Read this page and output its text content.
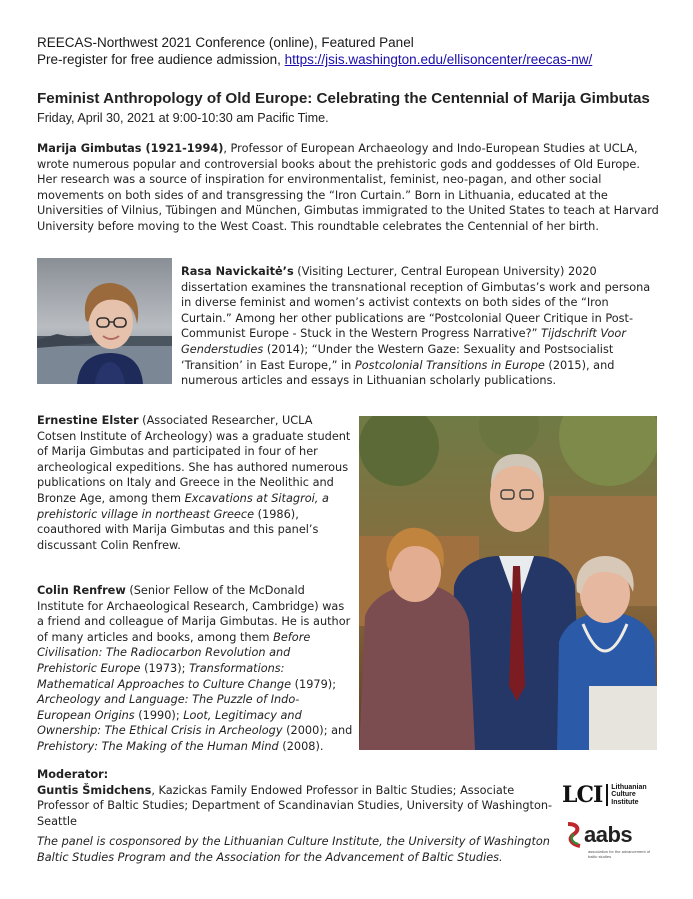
REECAS-Northwest 2021 Conference (online), Featured Panel
Pre-register for free audience admission, https://jsis.washington.edu/ellisoncenter/reecas-nw/
Feminist Anthropology of Old Europe: Celebrating the Centennial of Marija Gimbutas
Friday, April 30, 2021 at 9:00-10:30 am Pacific Time.
Marija Gimbutas (1921-1994), Professor of European Archaeology and Indo-European Studies at UCLA, wrote numerous popular and controversial books about the prehistoric gods and goddesses of Old Europe. Her research was a source of inspiration for environmentalist, feminist, neo-pagan, and other social movements on both sides of and transgressing the “Iron Curtain.” Born in Lithuania, educated at the Universities of Vilnius, Tübingen and München, Gimbutas immigrated to the United States to teach at Harvard University before moving to the West Coast. This roundtable celebrates the Centennial of her birth.
Rasa Navickaitė’s (Visiting Lecturer, Central European University) 2020 dissertation examines the transnational reception of Gimbutas’s work and persona in diverse feminist and women’s activist contexts on both sides of the “Iron Curtain.” Among her other publications are “Postcolonial Queer Critique in Post-Communist Europe - Stuck in the Western Progress Narrative?” Tijdschrift Voor Genderstudies (2014); “Under the Western Gaze: Sexuality and Postsocialist ‘Transition’ in East Europe,” in Postcolonial Transitions in Europe (2015), and numerous articles and essays in Lithuanian scholarly publications.
Ernestine Elster (Associated Researcher, UCLA Cotsen Institute of Archeology) was a graduate student of Marija Gimbutas and participated in four of her archeological expeditions. She has authored numerous publications on Italy and Greece in the Neolithic and Bronze Age, among them Excavations at Sitagroi, a prehistoric village in northeast Greece (1986), coauthored with Marija Gimbutas and this panel’s discussant Colin Renfrew.
Colin Renfrew (Senior Fellow of the McDonald Institute for Archaeological Research, Cambridge) was a friend and colleague of Marija Gimbutas. He is author of many articles and books, among them Before Civilisation: The Radiocarbon Revolution and Prehistoric Europe (1973); Transformations: Mathematical Approaches to Culture Change (1979); Archeology and Language: The Puzzle of Indo-European Origins (1990); Loot, Legitimacy and Ownership: The Ethical Crisis in Archeology (2000); and Prehistory: The Making of the Human Mind (2008).
Moderator:
Guntis Šmidchens, Kazickas Family Endowed Professor in Baltic Studies; Associate Professor of Baltic Studies; Department of Scandinavian Studies, University of Washington-Seattle
The panel is cosponsored by the Lithuanian Culture Institute, the University of Washington Baltic Studies Program and the Association for the Advancement of Baltic Studies.
LCI	Lithuanian Culture Institute
aabs
association for the advancement of baltic studies
